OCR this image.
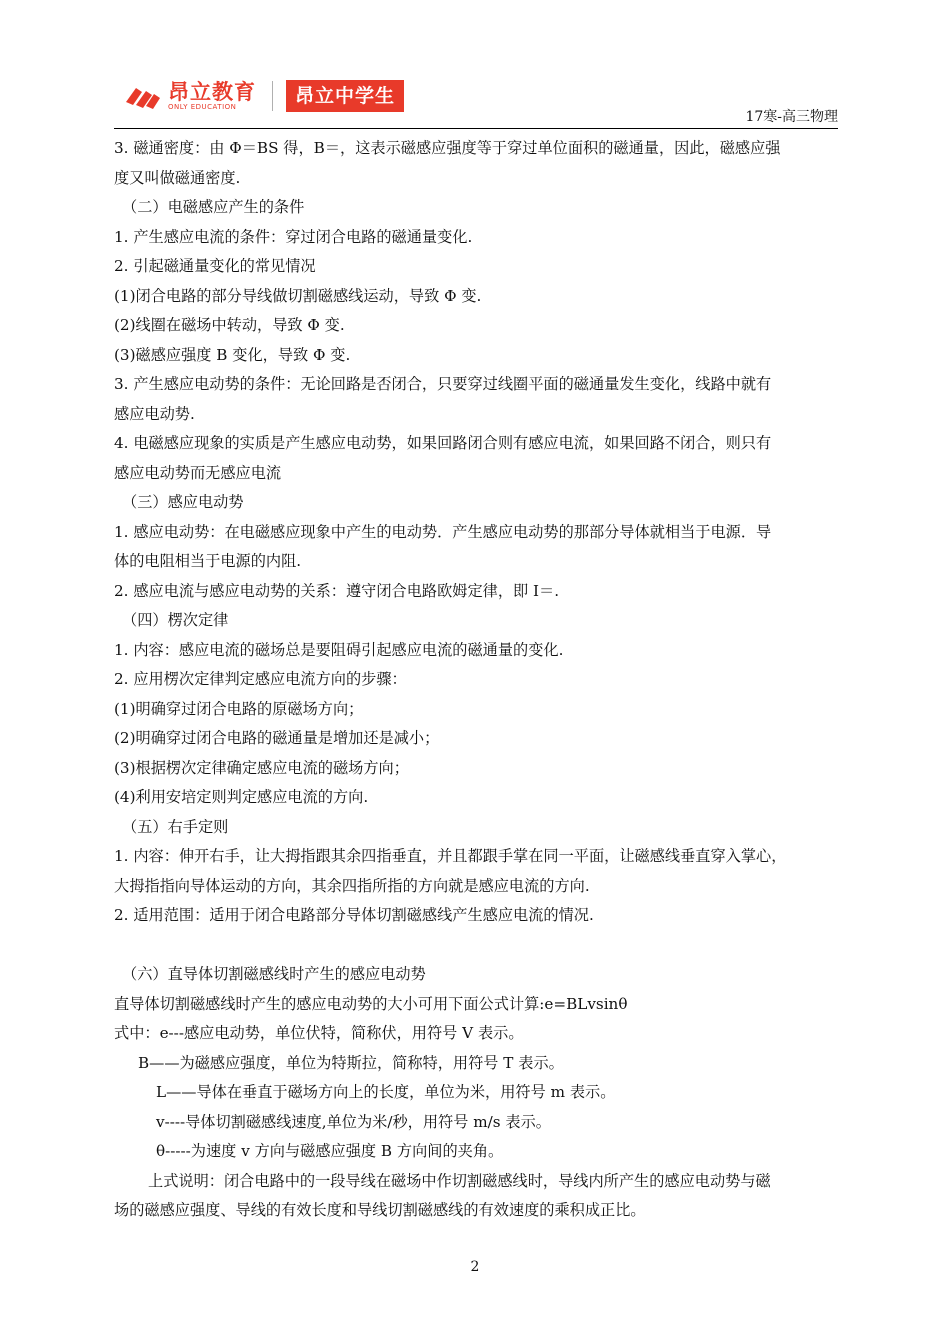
昂立教育
ONLY EDUCATION	昂立中学生
17寒-高三物理

3. 磁通密度：由 Φ＝BS 得，B＝，这表示磁感应强度等于穿过单位面积的磁通量，因此，磁感应强

度又叫做磁通密度.

（二）电磁感应产生的条件

1. 产生感应电流的条件：穿过闭合电路的磁通量变化.

2. 引起磁通量变化的常见情况

(1)闭合电路的部分导线做切割磁感线运动，导致 Φ 变.

(2)线圈在磁场中转动，导致 Φ 变.

(3)磁感应强度 B 变化，导致 Φ 变.

3. 产生感应电动势的条件：无论回路是否闭合，只要穿过线圈平面的磁通量发生变化，线路中就有

感应电动势.

4. 电磁感应现象的实质是产生感应电动势，如果回路闭合则有感应电流，如果回路不闭合，则只有

感应电动势而无感应电流

（三）感应电动势

1. 感应电动势：在电磁感应现象中产生的电动势．产生感应电动势的那部分导体就相当于电源．导

体的电阻相当于电源的内阻.

2. 感应电流与感应电动势的关系：遵守闭合电路欧姆定律，即 I＝.

（四）楞次定律

1. 内容：感应电流的磁场总是要阻碍引起感应电流的磁通量的变化.

2. 应用楞次定律判定感应电流方向的步骤：

(1)明确穿过闭合电路的原磁场方向；

(2)明确穿过闭合电路的磁通量是增加还是减小；

(3)根据楞次定律确定感应电流的磁场方向；

(4)利用安培定则判定感应电流的方向.

（五）右手定则

1. 内容：伸开右手，让大拇指跟其余四指垂直，并且都跟手掌在同一平面，让磁感线垂直穿入掌心，

大拇指指向导体运动的方向，其余四指所指的方向就是感应电流的方向.

2. 适用范围：适用于闭合电路部分导体切割磁感线产生感应电流的情况.

（六）直导体切割磁感线时产生的感应电动势

直导体切割磁感线时产生的感应电动势的大小可用下面公式计算:e=BLvsinθ

式中：e---感应电动势，单位伏特，简称伏，用符号 V 表示。

B——为磁感应强度，单位为特斯拉，简称特，用符号 T 表示。

L——导体在垂直于磁场方向上的长度，单位为米，用符号 m 表示。

v----导体切割磁感线速度,单位为米/秒，用符号 m/s 表示。

θ-----为速度 v 方向与磁感应强度 B 方向间的夹角。

上式说明：闭合电路中的一段导线在磁场中作切割磁感线时，导线内所产生的感应电动势与磁

场的磁感应强度、导线的有效长度和导线切割磁感线的有效速度的乘积成正比。

2
